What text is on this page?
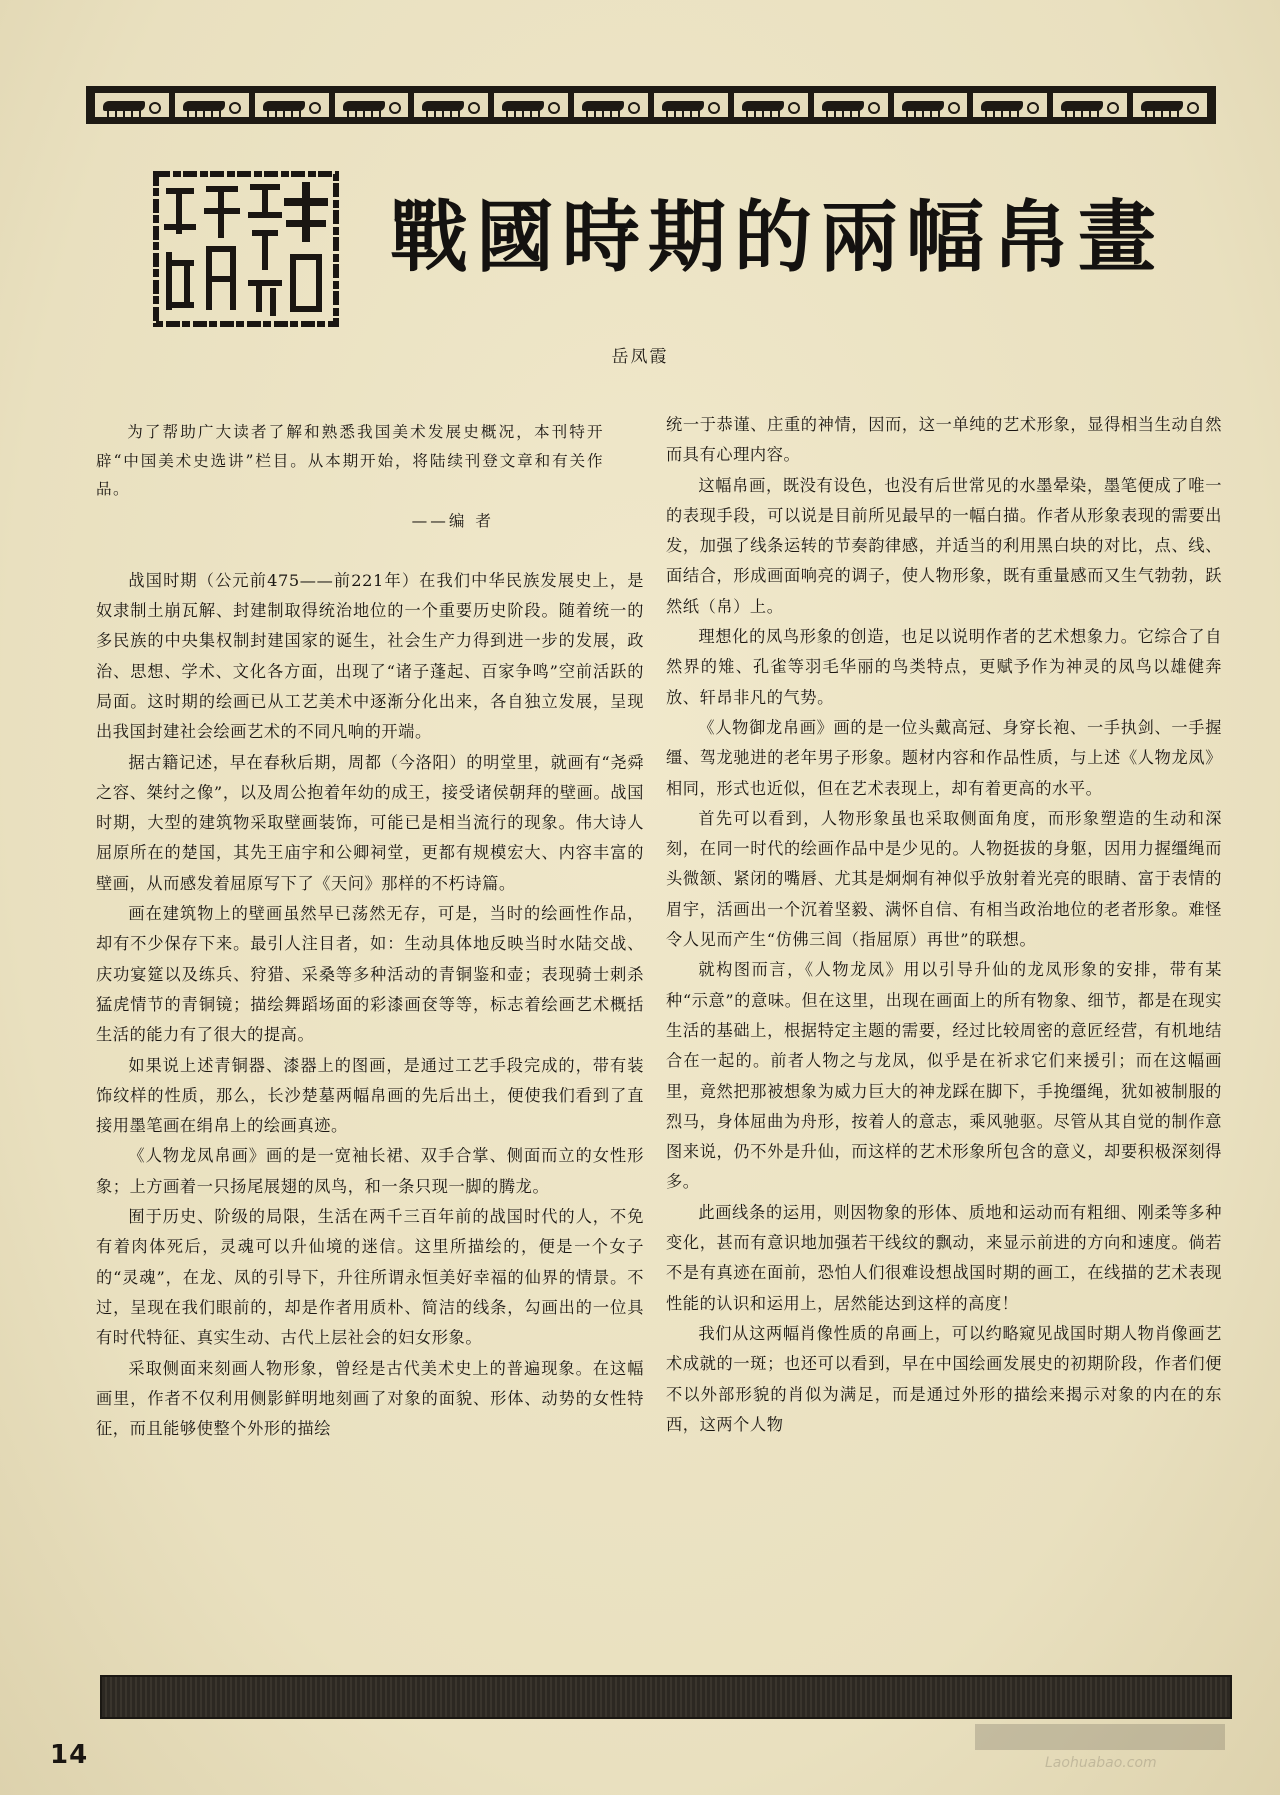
戰國時期的兩幅帛畫
岳凤霞

为了帮助广大读者了解和熟悉我国美术发展史概况，本刊特开辟“中国美术史选讲”栏目。从本期开始，将陆续刊登文章和有关作品。

——编 者

战国时期（公元前475——前221年）在我们中华民族发展史上，是奴隶制土崩瓦解、封建制取得统治地位的一个重要历史阶段。随着统一的多民族的中央集权制封建国家的诞生，社会生产力得到进一步的发展，政治、思想、学术、文化各方面，出现了“诸子蓬起、百家争鸣”空前活跃的局面。这时期的绘画已从工艺美术中逐渐分化出来，各自独立发展，呈现出我国封建社会绘画艺术的不同凡响的开端。

据古籍记述，早在春秋后期，周都（今洛阳）的明堂里，就画有“尧舜之容、桀纣之像”，以及周公抱着年幼的成王，接受诸侯朝拜的壁画。战国时期，大型的建筑物采取壁画装饰，可能已是相当流行的现象。伟大诗人屈原所在的楚国，其先王庙宇和公卿祠堂，更都有规模宏大、内容丰富的壁画，从而感发着屈原写下了《天问》那样的不朽诗篇。

画在建筑物上的壁画虽然早已荡然无存，可是，当时的绘画性作品，却有不少保存下来。最引人注目者，如：生动具体地反映当时水陆交战、庆功宴筵以及练兵、狩猎、采桑等多种活动的青铜鉴和壶；表现骑士刺杀猛虎情节的青铜镜；描绘舞蹈场面的彩漆画奁等等，标志着绘画艺术概括生活的能力有了很大的提高。

如果说上述青铜器、漆器上的图画，是通过工艺手段完成的，带有装饰纹样的性质，那么，长沙楚墓两幅帛画的先后出土，便使我们看到了直接用墨笔画在绢帛上的绘画真迹。

《人物龙凤帛画》画的是一宽袖长裙、双手合掌、侧面而立的女性形象；上方画着一只扬尾展翅的凤鸟，和一条只现一脚的腾龙。

囿于历史、阶级的局限，生活在两千三百年前的战国时代的人，不免有着肉体死后，灵魂可以升仙境的迷信。这里所描绘的，便是一个女子的“灵魂”，在龙、凤的引导下，升往所谓永恒美好幸福的仙界的情景。不过，呈现在我们眼前的，却是作者用质朴、简洁的线条，勾画出的一位具有时代特征、真实生动、古代上层社会的妇女形象。

采取侧面来刻画人物形象，曾经是古代美术史上的普遍现象。在这幅画里，作者不仅利用侧影鲜明地刻画了对象的面貌、形体、动势的女性特征，而且能够使整个外形的描绘

统一于恭谨、庄重的神情，因而，这一单纯的艺术形象，显得相当生动自然而具有心理内容。

这幅帛画，既没有设色，也没有后世常见的水墨晕染，墨笔便成了唯一的表现手段，可以说是目前所见最早的一幅白描。作者从形象表现的需要出发，加强了线条运转的节奏韵律感，并适当的利用黑白块的对比，点、线、面结合，形成画面响亮的调子，使人物形象，既有重量感而又生气勃勃，跃然纸（帛）上。

理想化的凤鸟形象的创造，也足以说明作者的艺术想象力。它综合了自然界的雉、孔雀等羽毛华丽的鸟类特点，更赋予作为神灵的凤鸟以雄健奔放、轩昂非凡的气势。

《人物御龙帛画》画的是一位头戴高冠、身穿长袍、一手执剑、一手握缰、驾龙驰进的老年男子形象。题材内容和作品性质，与上述《人物龙凤》相同，形式也近似，但在艺术表现上，却有着更高的水平。

首先可以看到，人物形象虽也采取侧面角度，而形象塑造的生动和深刻，在同一时代的绘画作品中是少见的。人物挺拔的身躯，因用力握缰绳而头微颔、紧闭的嘴唇、尤其是炯炯有神似乎放射着光亮的眼睛、富于表情的眉宇，活画出一个沉着坚毅、满怀自信、有相当政治地位的老者形象。难怪令人见而产生“仿佛三闾（指屈原）再世”的联想。

就构图而言，《人物龙凤》用以引导升仙的龙凤形象的安排，带有某种“示意”的意味。但在这里，出现在画面上的所有物象、细节，都是在现实生活的基础上，根据特定主题的需要，经过比较周密的意匠经营，有机地结合在一起的。前者人物之与龙凤，似乎是在祈求它们来援引；而在这幅画里，竟然把那被想象为威力巨大的神龙踩在脚下，手挽缰绳，犹如被制服的烈马，身体屈曲为舟形，按着人的意志，乘风驰驱。尽管从其自觉的制作意图来说，仍不外是升仙，而这样的艺术形象所包含的意义，却要积极深刻得多。

此画线条的运用，则因物象的形体、质地和运动而有粗细、刚柔等多种变化，甚而有意识地加强若干线纹的飘动，来显示前进的方向和速度。倘若不是有真迹在面前，恐怕人们很难设想战国时期的画工，在线描的艺术表现性能的认识和运用上，居然能达到这样的高度！

我们从这两幅肖像性质的帛画上，可以约略窥见战国时期人物肖像画艺术成就的一斑；也还可以看到，早在中国绘画发展史的初期阶段，作者们便不以外部形貌的肖似为满足，而是通过外形的描绘来揭示对象的内在的东西，这两个人物

14	Laohuabao.com
